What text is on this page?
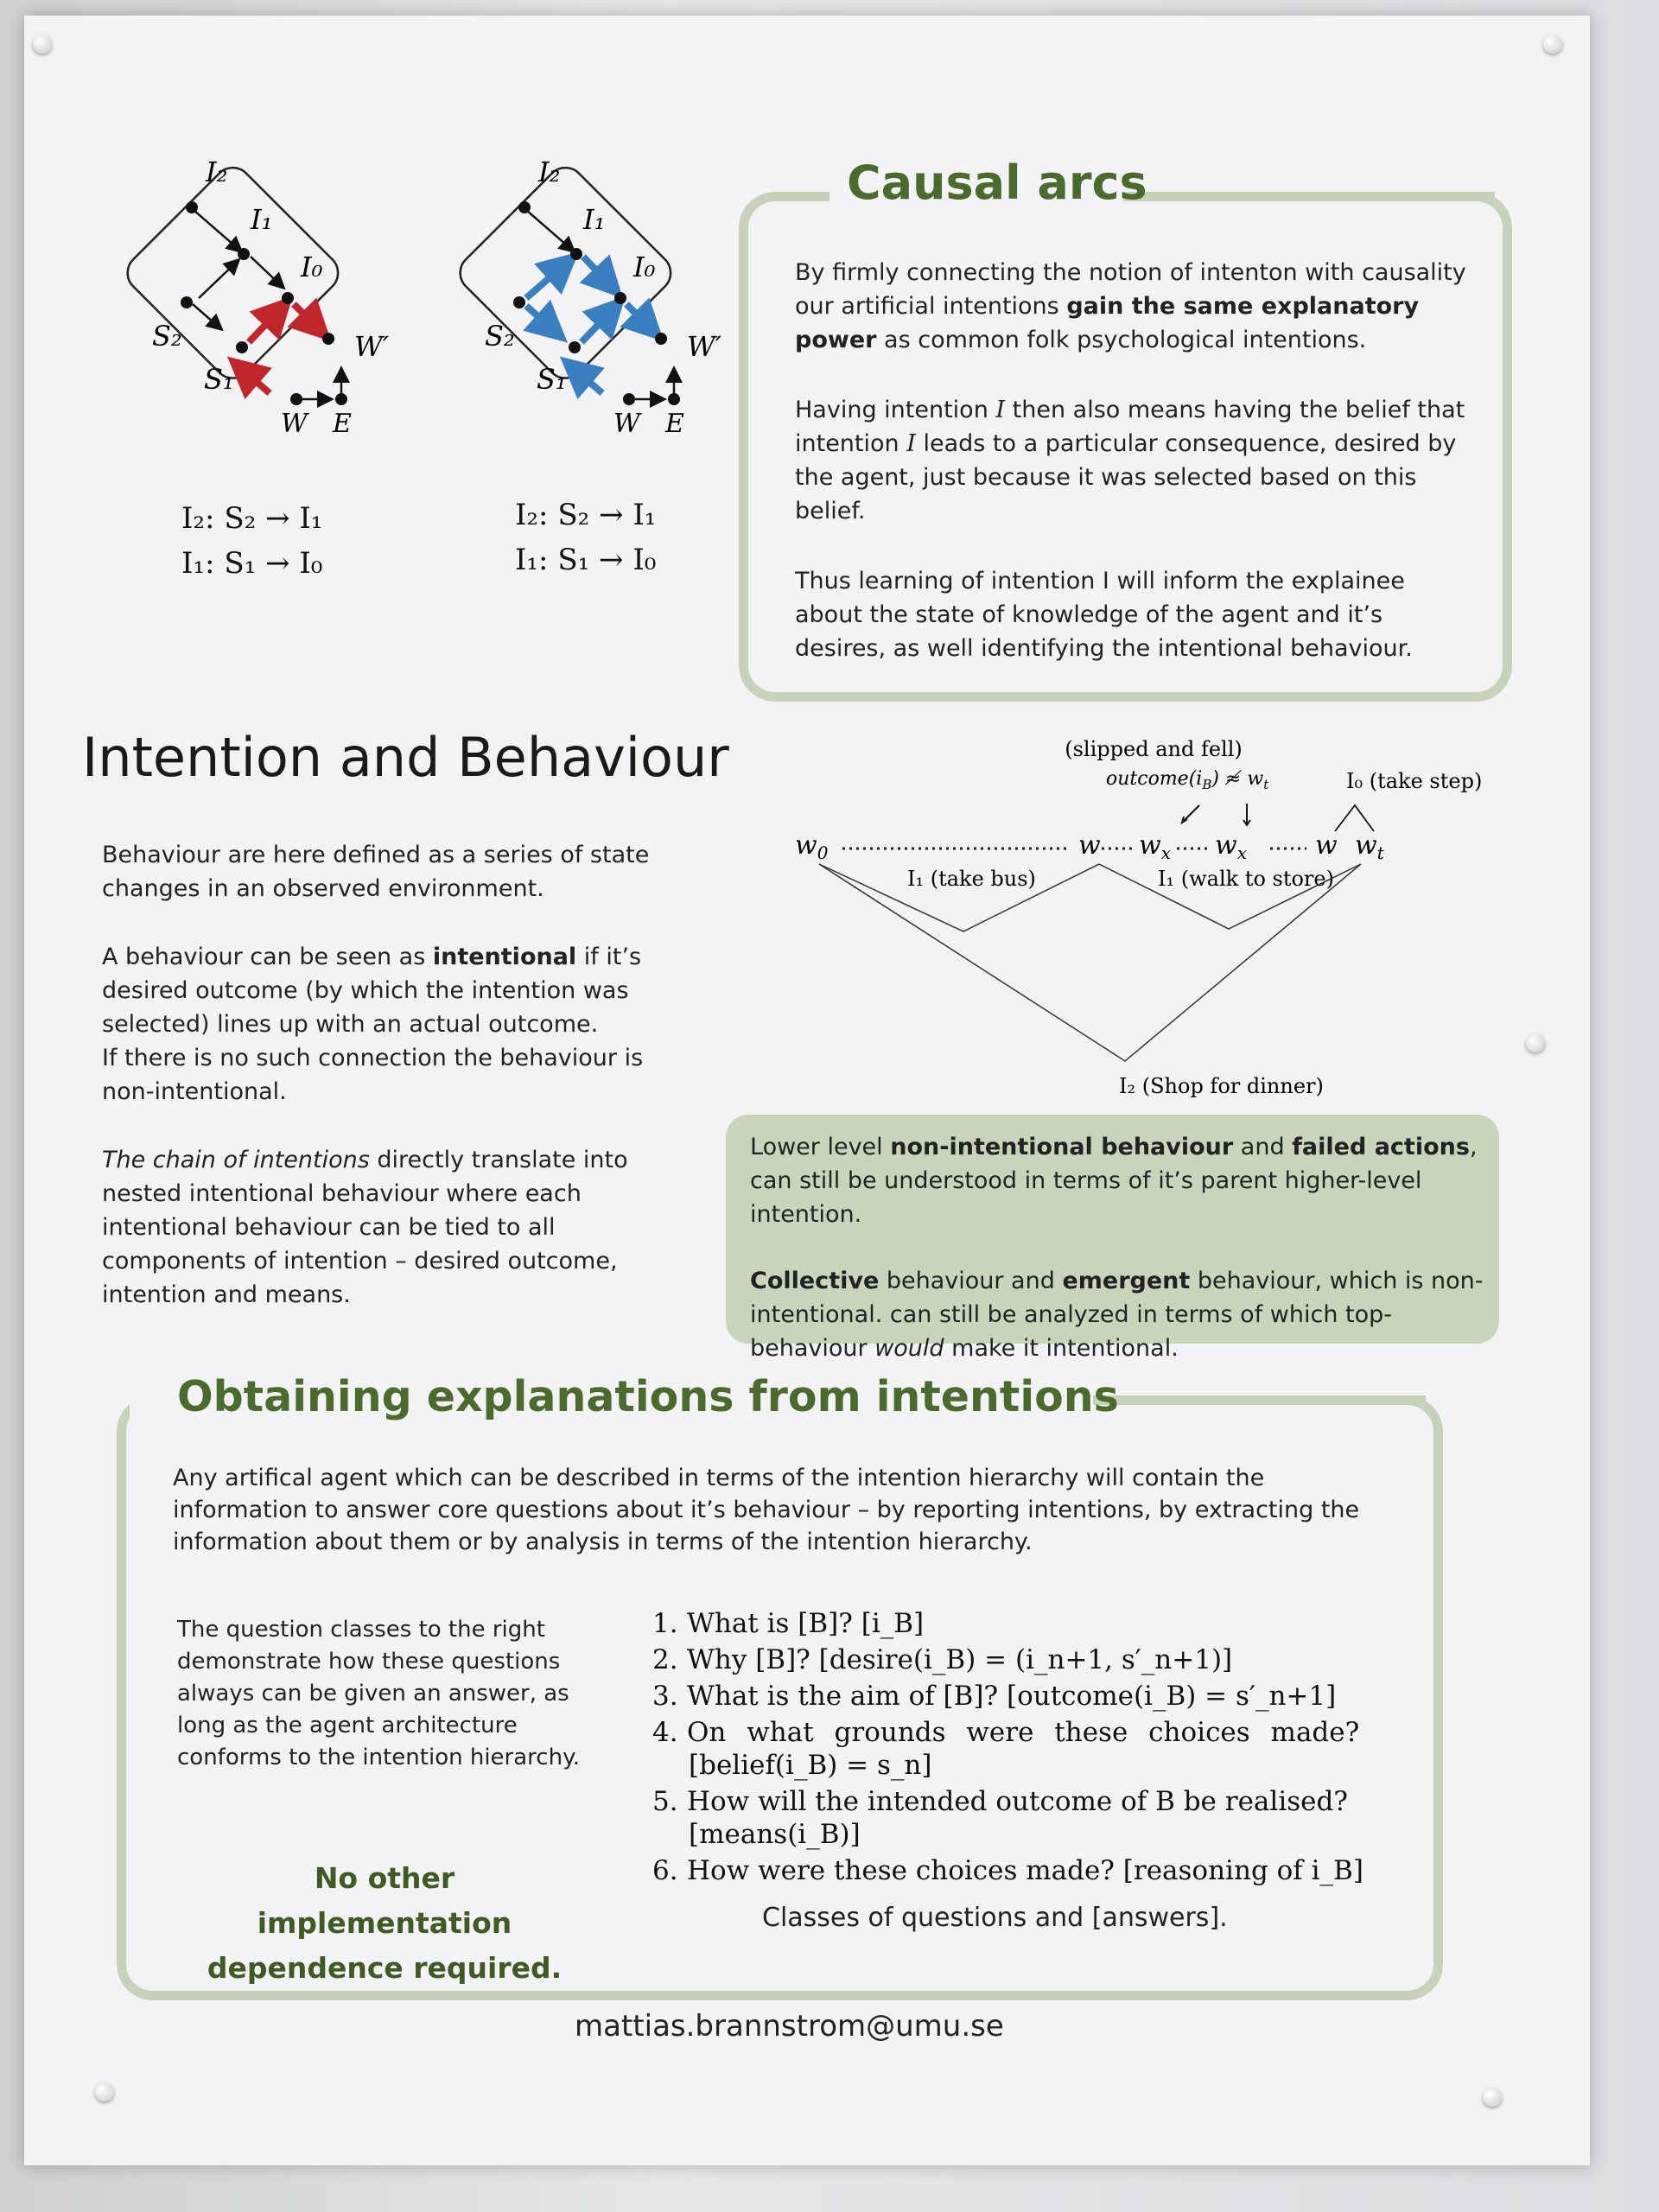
I₂
I₁
I₀
S₂
S₁
W′
W E
I₂: S₂ → I₁
I₁: S₁ → I₀
I₂
I₁
I₀
S₂
S₁
W′
W E
I₂: S₂ → I₁
I₁: S₁ → I₀
Causal arcs

By firmly connecting the notion of intenton with causality our artificial intentions gain the same explanatory power as common folk psychological intentions.

Having intention I then also means having the belief that intention I leads to a particular consequence, desired by the agent, just because it was selected based on this belief.

Thus learning of intention I will inform the explainee about the state of knowledge of the agent and it’s desires, as well identifying the intentional behaviour.

Intention and Behaviour

Behaviour are here defined as a series of state changes in an observed environment.

A behaviour can be seen as intentional if it’s desired outcome (by which the intention was selected) lines up with an actual outcome.

If there is no such connection the behaviour is non-intentional.

The chain of intentions directly translate into nested intentional behaviour where each intentional behaviour can be tied to all components of intention – desired outcome, intention and means.

(slipped and fell)
$outcome(i_B)$ ≉ $w_t$	I₀ (take step)
$w_0$	w $w_x$ $w_x$	w $w_t$
I₁ (take bus)	I₁ (walk to store)
I₂ (Shop for dinner)

Lower level non-intentional behaviour and failed actions, can still be understood in terms of it’s parent higher-level intention.

Collective behaviour and emergent behaviour, which is non-intentional. can still be analyzed in terms of which top-behaviour would make it intentional.

Obtaining explanations from intentions
Any artifical agent which can be described in terms of the intention hierarchy will contain the information to answer core questions about it’s behaviour – by reporting intentions, by extracting the information about them or by analysis in terms of the intention hierarchy.
The question classes to the right demonstrate how these questions always can be given an answer, as long as the agent architecture conforms to the intention hierarchy.
No other implementation
dependence required.
1. What is [B]? [i_B]
2. Why [B]? [desire(i_B) = (i_n+1, s′_n+1)]
3. What is the aim of [B]? [outcome(i_B) = s′_n+1]
4. On what grounds were these choices made?
[belief(i_B) = s_n]
5. How will the intended outcome of B be realised?
[means(i_B)]
6. How were these choices made? [reasoning of i_B]
Classes of questions and [answers].
mattias.brannstrom@umu.se
